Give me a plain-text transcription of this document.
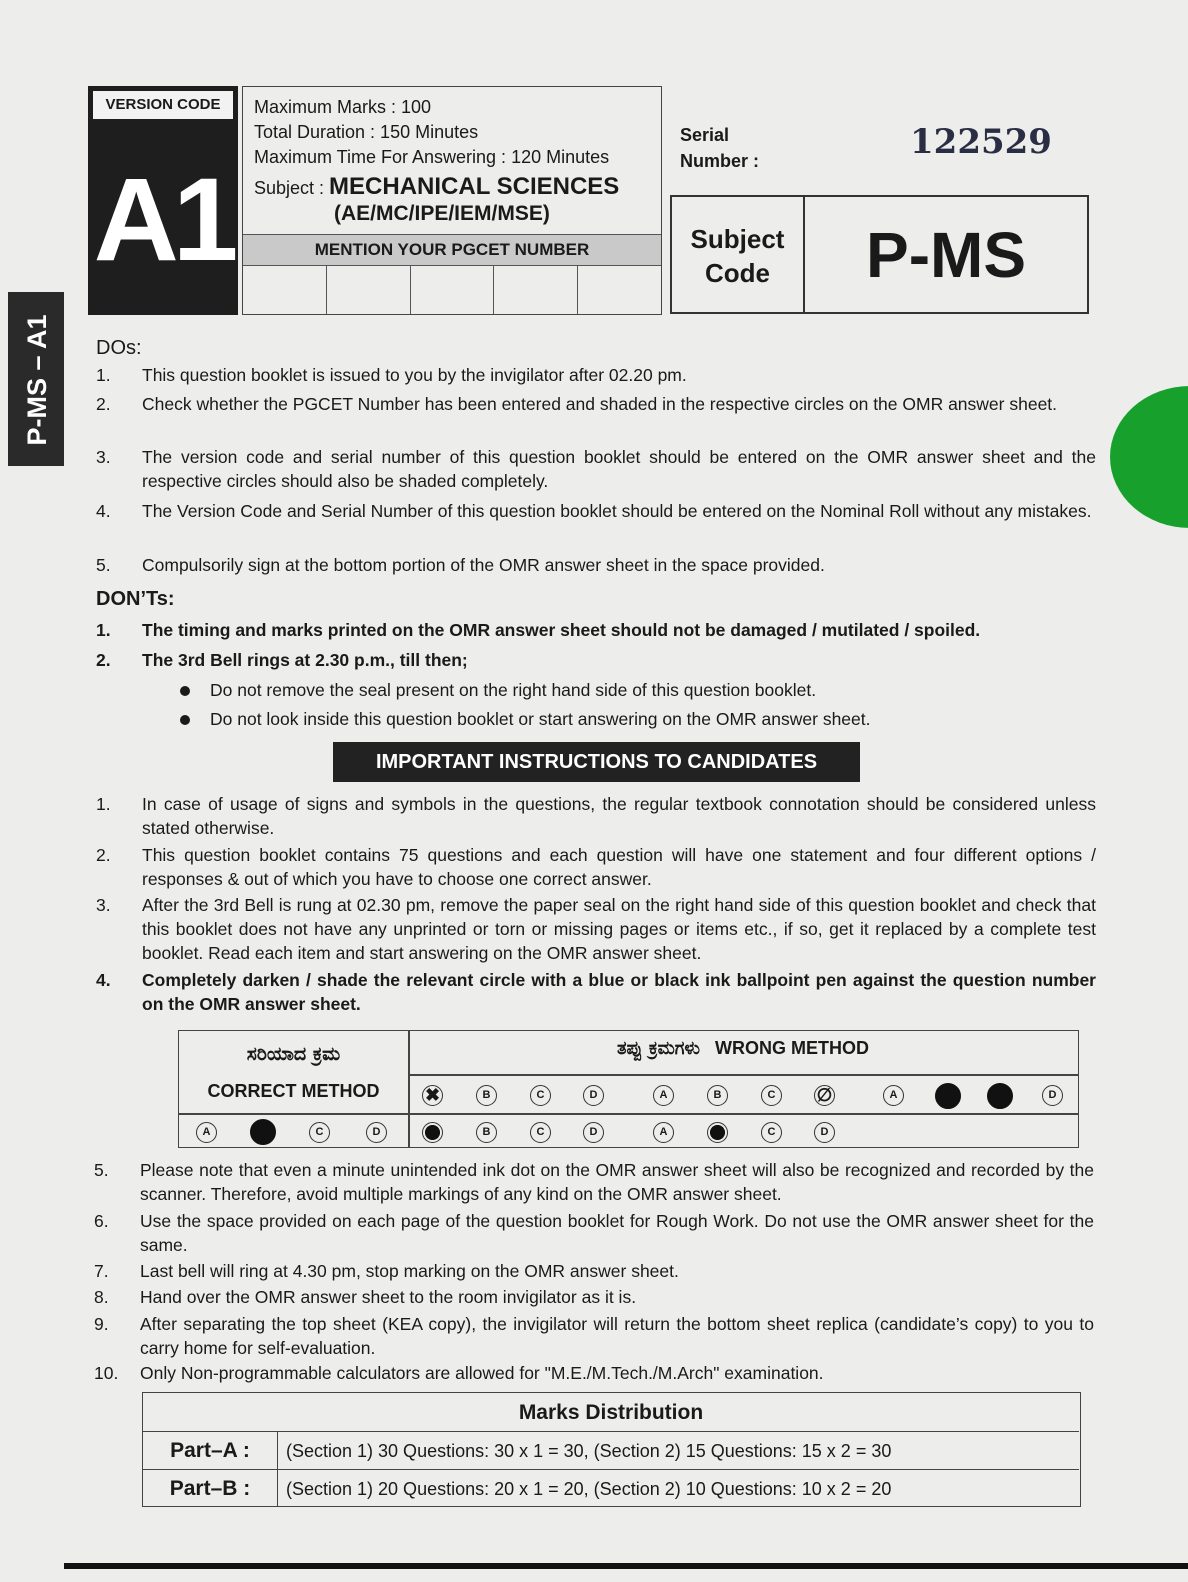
P-MS – A1
VERSION CODE
A1
Maximum Marks : 100
Total Duration : 150 Minutes
Maximum Time For Answering : 120 Minutes
Subject : MECHANICAL SCIENCES
(AE/MC/IPE/IEM/MSE)
MENTION YOUR PGCET NUMBER
Serial
Number :	122529
Subject
Code	P-MS
DOs:
1. This question booklet is issued to you by the invigilator after 02.20 pm.
2. Check whether the PGCET Number has been entered and shaded in the respective circles on the OMR answer sheet.
3. The version code and serial number of this question booklet should be entered on the OMR answer sheet and the respective circles should also be shaded completely.
4. The Version Code and Serial Number of this question booklet should be entered on the Nominal Roll without any mistakes.
5. Compulsorily sign at the bottom portion of the OMR answer sheet in the space provided.
DON’Ts:
1. The timing and marks printed on the OMR answer sheet should not be damaged / mutilated / spoiled.
2. The 3rd Bell rings at 2.30 p.m., till then;
Do not remove the seal present on the right hand side of this question booklet.
Do not look inside this question booklet or start answering on the OMR answer sheet.
IMPORTANT INSTRUCTIONS TO CANDIDATES
1. In case of usage of signs and symbols in the questions, the regular textbook connotation should be considered unless stated otherwise.
2. This question booklet contains 75 questions and each question will have one statement and four different options / responses & out of which you have to choose one correct answer.
3. After the 3rd Bell is rung at 02.30 pm, remove the paper seal on the right hand side of this question booklet and check that this booklet does not have any unprinted or torn or missing pages or items etc., if so, get it replaced by a complete test booklet. Read each item and start answering on the OMR answer sheet.
4. Completely darken / shade the relevant circle with a blue or black ink ballpoint pen against the question number on the OMR answer sheet.
ಸರಿಯಾದ ಕ್ರಮ
CORRECT METHOD
ತಪ್ಪು ಕ್ರಮಗಳು WRONG METHOD
A	C	D
✖	B	C	D	A	B	C	∅	A	D
B	C	D	A	C	D
5. Please note that even a minute unintended ink dot on the OMR answer sheet will also be recognized and recorded by the scanner. Therefore, avoid multiple markings of any kind on the OMR answer sheet.
6. Use the space provided on each page of the question booklet for Rough Work. Do not use the OMR answer sheet for the same.
7. Last bell will ring at 4.30 pm, stop marking on the OMR answer sheet.
8. Hand over the OMR answer sheet to the room invigilator as it is.
9. After separating the top sheet (KEA copy), the invigilator will return the bottom sheet replica (candidate’s copy) to you to carry home for self-evaluation.
10. Only Non-programmable calculators are allowed for "M.E./M.Tech./M.Arch" examination.
Marks Distribution
Part–A :	(Section 1) 30 Questions: 30 x 1 = 30, (Section 2) 15 Questions: 15 x 2 = 30
Part–B :	(Section 1) 20 Questions: 20 x 1 = 20, (Section 2) 10 Questions: 10 x 2 = 20
